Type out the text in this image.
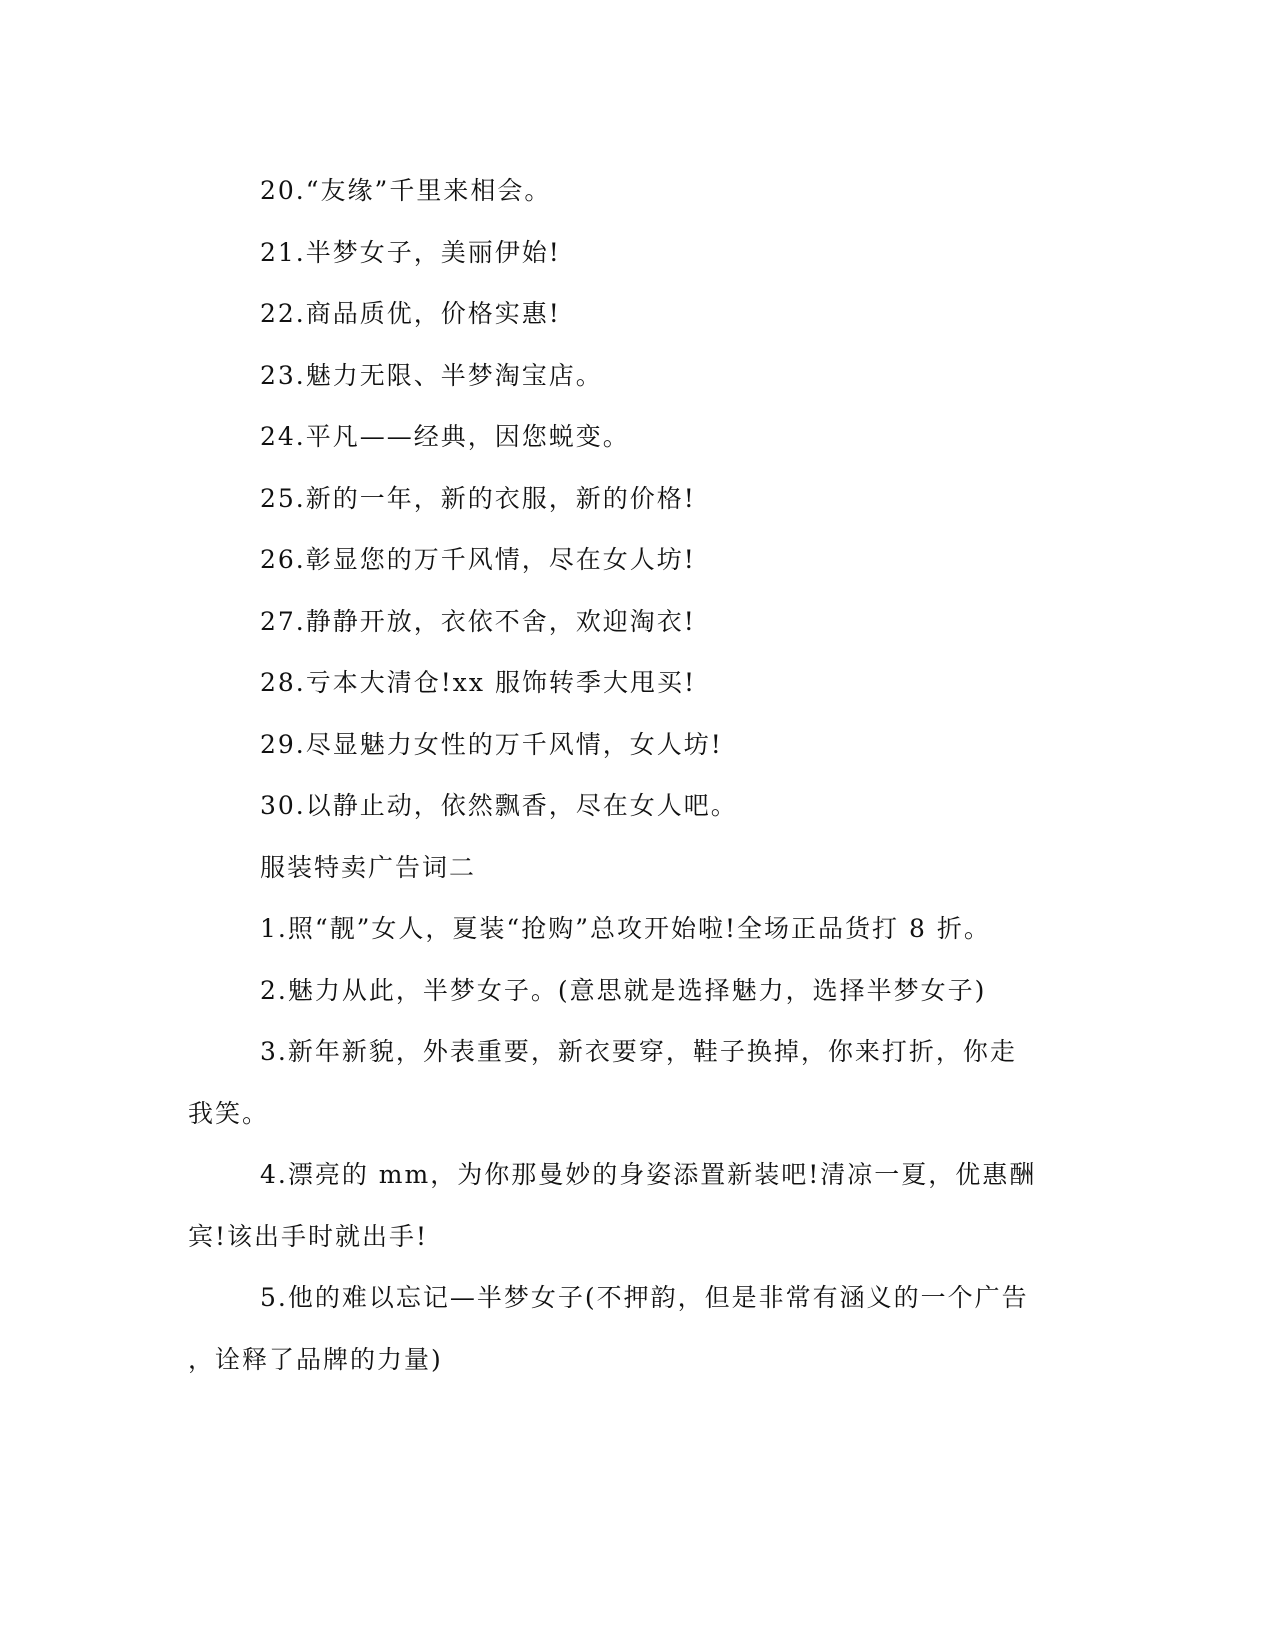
20.“友缘”千里来相会。
21.半梦女子，美丽伊始!
22.商品质优，价格实惠!
23.魅力无限、半梦淘宝店。
24.平凡——经典，因您蜕变。
25.新的一年，新的衣服，新的价格!
26.彰显您的万千风情，尽在女人坊!
27.静静开放，衣依不舍，欢迎淘衣!
28.亏本大清仓!xx 服饰转季大甩买!
29.尽显魅力女性的万千风情，女人坊!
30.以静止动，依然飘香，尽在女人吧。
服装特卖广告词二
1.照“靓”女人，夏装“抢购”总攻开始啦!全场正品货打 8 折。
2.魅力从此，半梦女子。(意思就是选择魅力，选择半梦女子)
3.新年新貌，外表重要，新衣要穿，鞋子换掉，你来打折，你走
我笑。
4.漂亮的 mm，为你那曼妙的身姿添置新装吧!清凉一夏，优惠酬
宾!该出手时就出手!
5.他的难以忘记—半梦女子(不押韵，但是非常有涵义的一个广告
，诠释了品牌的力量)
